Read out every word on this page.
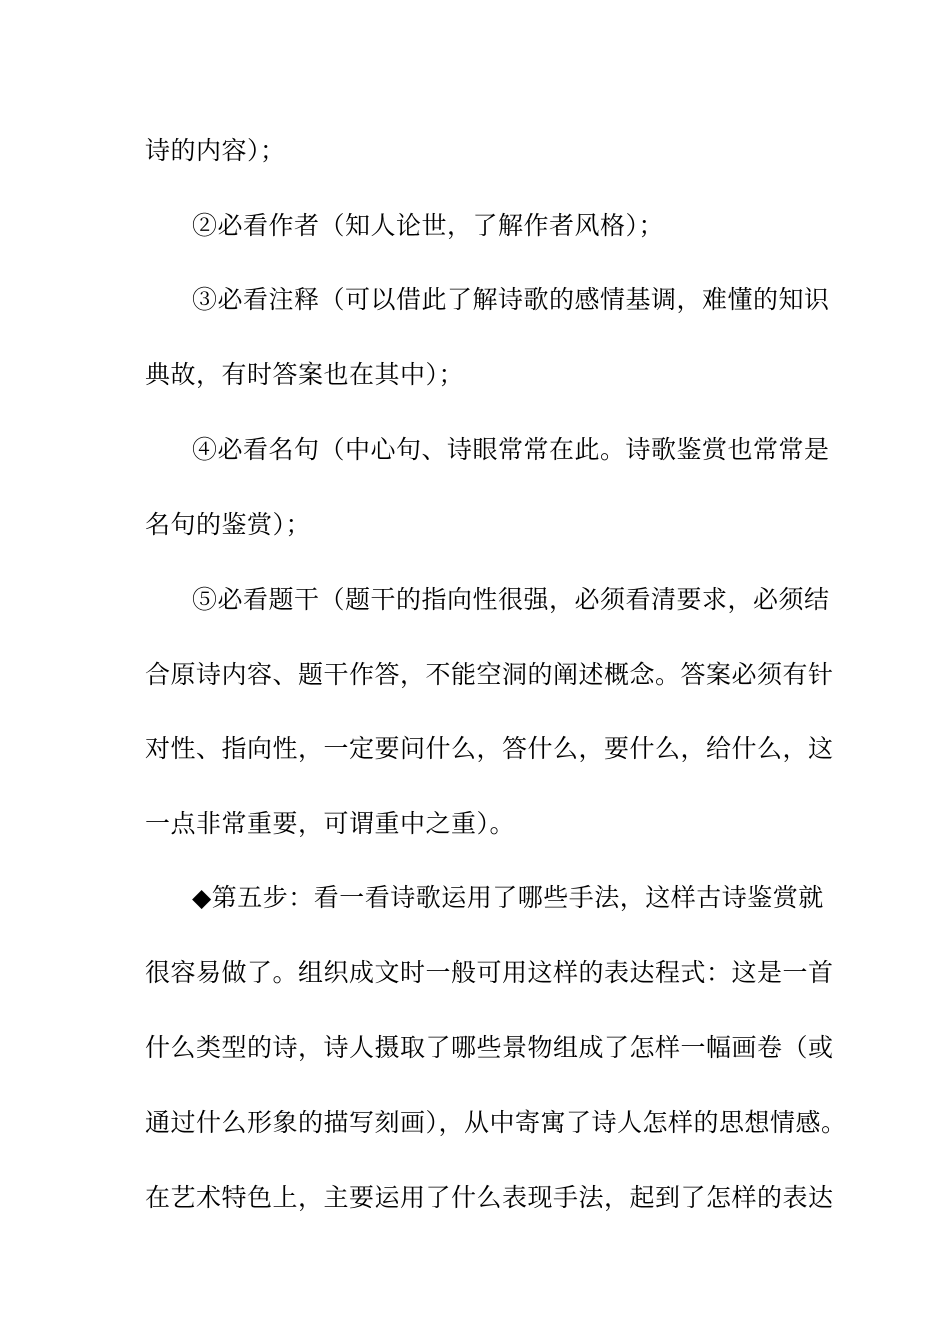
诗的内容）；
②必看作者（知人论世，了解作者风格）；
③必看注释（可以借此了解诗歌的感情基调，难懂的知识
典故，有时答案也在其中）；
④必看名句（中心句、诗眼常常在此。诗歌鉴赏也常常是
名句的鉴赏）；
⑤必看题干（题干的指向性很强，必须看清要求，必须结
合原诗内容、题干作答，不能空洞的阐述概念。答案必须有针
对性、指向性，一定要问什么，答什么，要什么，给什么，这
一点非常重要，可谓重中之重）。
◆第五步：看一看诗歌运用了哪些手法，这样古诗鉴赏就
很容易做了。组织成文时一般可用这样的表达程式：这是一首
什么类型的诗，诗人摄取了哪些景物组成了怎样一幅画卷（或
通过什么形象的描写刻画），从中寄寓了诗人怎样的思想情感。
在艺术特色上，主要运用了什么表现手法，起到了怎样的表达
